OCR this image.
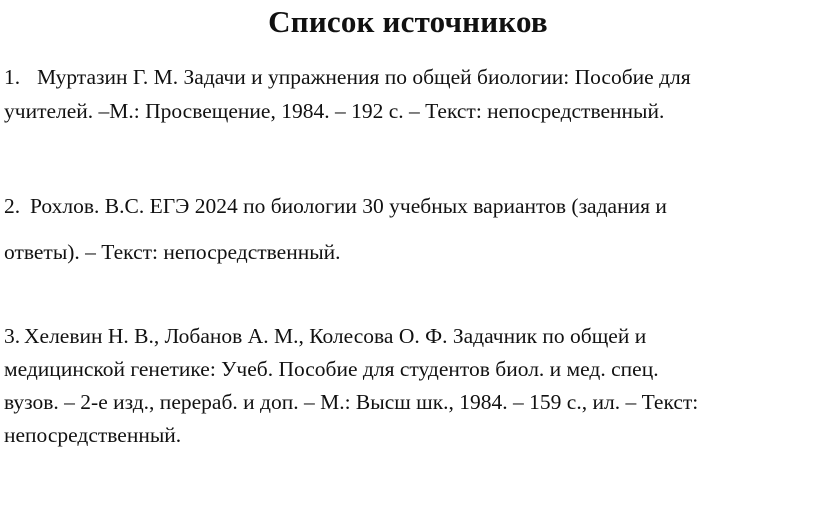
Список источников
1. Муртазин Г. М. Задачи и упражнения по общей биологии: Пособие для
учителей. –М.: Просвещение, 1984. – 192 с. – Текст: непосредственный.
2. Рохлов. В.С. ЕГЭ 2024 по биологии 30 учебных вариантов (задания и
ответы). – Текст: непосредственный.
3. Хелевин Н. В., Лобанов А. М., Колесова О. Ф. Задачник по общей и
медицинской генетике: Учеб. Пособие для студентов биол. и мед. спец.
вузов. – 2-е изд., перераб. и доп. – М.: Высш шк., 1984. – 159 с., ил. – Текст:
непосредственный.
